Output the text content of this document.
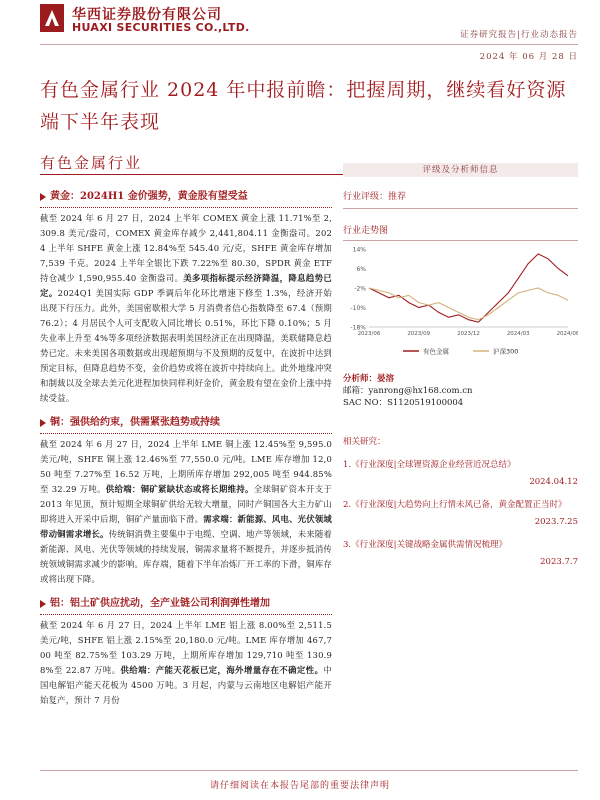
华西证券股份有限公司
HUAXI SECURITIES CO.,LTD.
证券研究报告|行业动态报告
2024 年 06 月 28 日
有色金属行业 2024 年中报前瞻：把握周期，继续看好资源端下半年表现
有色金属行业
黄金：2024H1 金价强势，黄金股有望受益

截至 2024 年 6 月 27 日，2024 上半年 COMEX 黄金上涨 11.71%至 2,309.8 美元/盎司，COMEX 黄金库存减少 2,441,804.11 金衡盎司。2024 上半年 SHFE 黄金上涨 12.84%至 545.40 元/克，SHFE 黄金库存增加 7,539 千克。2024 上半年全银比下跌 7.22%至 80.30，SPDR 黄金 ETF 持仓减少 1,590,955.40 金衡盎司。美多项指标提示经济降温，降息趋势已定。2024Q1 美国实际 GDP 季调后年化环比增速下修至 1.3%，经济开始出现下行压力。此外，美国密歇根大学 5 月消费者信心指数降至 67.4（预期 76.2）；4 月居民个人可支配收入同比增长 0.51%，环比下降 0.10%；5 月失业率上升至 4%等多项经济数据表明美国经济正在出现降温，美联储降息趋势已定。未来美国各项数据或出现超预期与不及预期的反复中，在波折中达到预定目标，但降息趋势不变，金价趋势或将在波折中持续向上。此外地缘冲突和制裁以及全球去美元化进程加快同样利好金价，黄金股有望在金价上涨中持续受益。

铜：强供给约束，供需紧张趋势或持续

截至 2024 年 6 月 27 日，2024 上半年 LME 铜上涨 12.45%至 9,595.0 美元/吨，SHFE 铜上涨 12.46%至 77,550.0 元/吨。LME 库存增加 12,050 吨至 7.27%至 16.52 万吨，上期所库存增加 292,005 吨至 944.85%至 32.29 万吨。供给端：铜矿紧缺状态或将长期维持。全球铜矿资本开支于 2013 年见顶，预计短期全球铜矿供给无较大增量，同时产铜国各大主力矿山即将进入开采中后期，铜矿产量面临下滑。需求端：新能源、风电、光伏领域带动铜需求增长。传统铜消费主要集中于电缆、空调、地产等领域，未来随着新能源、风电、光伏等领域的持续发展，铜需求量将不断提升，并逐步抵消传统领域铜需求减少的影响。库存端，随着下半年冶炼厂开工率的下滑，铜库存或将出现下降。

铝：铝土矿供应扰动，全产业链公司利润弹性增加

截至 2024 年 6 月 27 日，2024 上半年 LME 铝上涨 8.00%至 2,511.5 美元/吨，SHFE 铝上涨 2.15%至 20,180.0 元/吨。LME 库存增加 467,700 吨至 82.75%至 103.29 万吨，上期所库存增加 129,710 吨至 130.98%至 22.87 万吨。供给端：产能天花板已定，海外增量存在不确定性。中国电解铝产能天花板为 4500 万吨。3 月起，内蒙与云南地区电解铝产能开始复产，预计 7 月份

评级及分析师信息
行业评级：推荐
行业走势图
14%
6%
-2%
-10%
-18%
2023/06	2023/09	2023/12	2024/03	2024/06
有色金属	沪深300
分析师：晏溶
邮箱：yanrong@hx168.com.cn
SAC NO：S1120519100004
相关研究：
1.《行业深度|全球锂资源企业经营近况总结》
2024.04.12
2.《行业深度|大趋势向上行情未风已备，黄金配置正当时》
2023.7.25
3.《行业深度|关键战略金属供需情况梳理》
2023.7.7
请仔细阅读在本报告尾部的重要法律声明
